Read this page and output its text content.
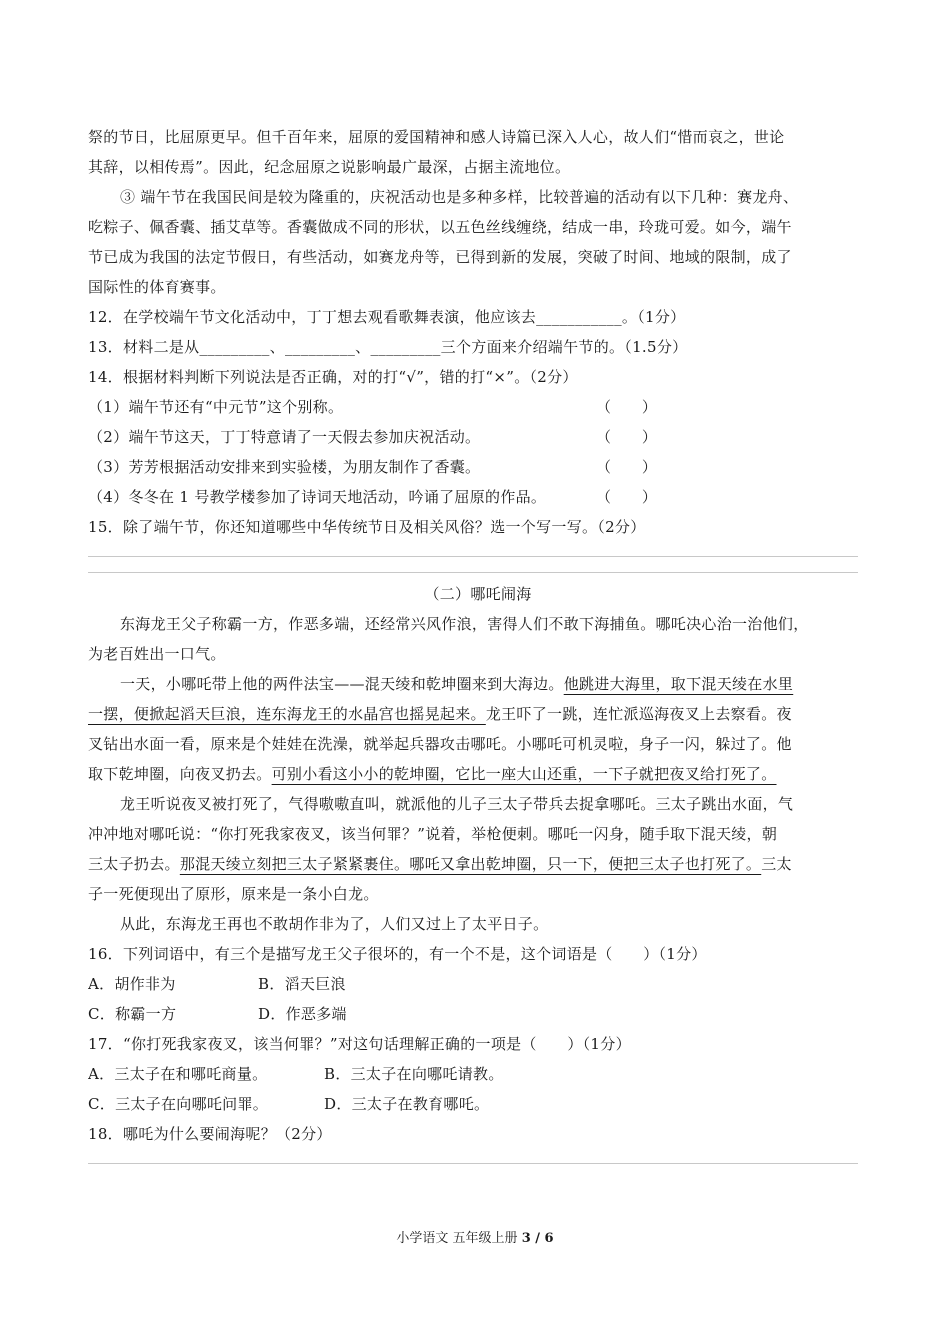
祭的节日，比屈原更早。但千百年来，屈原的爱国精神和感人诗篇已深入人心，故人们“惜而哀之，世论
其辞，以相传焉”。因此，纪念屈原之说影响最广最深，占据主流地位。
③ 端午节在我国民间是较为隆重的，庆祝活动也是多种多样，比较普遍的活动有以下几种：赛龙舟、
吃粽子、佩香囊、插艾草等。香囊做成不同的形状，以五色丝线缠绕，结成一串，玲珑可爱。如今，端午
节已成为我国的法定节假日，有些活动，如赛龙舟等，已得到新的发展，突破了时间、地域的限制，成了
国际性的体育赛事。
12．在学校端午节文化活动中，丁丁想去观看歌舞表演，他应该去___________。（1分）
13．材料二是从_________、_________、_________三个方面来介绍端午节的。（1.5分）
14．根据材料判断下列说法是否正确，对的打“√”，错的打“×”。（2分）
（1）端午节还有“中元节”这个别称。	（　　）
（2）端午节这天，丁丁特意请了一天假去参加庆祝活动。	（　　）
（3）芳芳根据活动安排来到实验楼，为朋友制作了香囊。	（　　）
（4）冬冬在 1 号教学楼参加了诗词天地活动，吟诵了屈原的作品。	（　　）
15．除了端午节，你还知道哪些中华传统节日及相关风俗？选一个写一写。（2分）
（二）哪吒闹海
东海龙王父子称霸一方，作恶多端，还经常兴风作浪，害得人们不敢下海捕鱼。哪吒决心治一治他们，
为老百姓出一口气。
一天，小哪吒带上他的两件法宝——混天绫和乾坤圈来到大海边。他跳进大海里，取下混天绫在水里
一摆，便掀起滔天巨浪，连东海龙王的水晶宫也摇晃起来。龙王吓了一跳，连忙派巡海夜叉上去察看。夜
叉钻出水面一看，原来是个娃娃在洗澡，就举起兵器攻击哪吒。小哪吒可机灵啦，身子一闪，躲过了。他
取下乾坤圈，向夜叉扔去。可别小看这小小的乾坤圈，它比一座大山还重，一下子就把夜叉给打死了。
龙王听说夜叉被打死了，气得嗷嗷直叫，就派他的儿子三太子带兵去捉拿哪吒。三太子跳出水面，气
冲冲地对哪吒说：“你打死我家夜叉，该当何罪？”说着，举枪便刺。哪吒一闪身，随手取下混天绫，朝
三太子扔去。那混天绫立刻把三太子紧紧裹住。哪吒又拿出乾坤圈，只一下，便把三太子也打死了。三太
子一死便现出了原形，原来是一条小白龙。
从此，东海龙王再也不敢胡作非为了，人们又过上了太平日子。
16．下列词语中，有三个是描写龙王父子很坏的，有一个不是，这个词语是（　　）（1分）
A．胡作非为	B．滔天巨浪
C．称霸一方	D．作恶多端
17．“你打死我家夜叉，该当何罪？”对这句话理解正确的一项是（　　）（1分）
A．三太子在和哪吒商量。	B．三太子在向哪吒请教。
C．三太子在向哪吒问罪。	D．三太子在教育哪吒。
18．哪吒为什么要闹海呢？（2分）
小学语文 五年级上册 3 / 6
